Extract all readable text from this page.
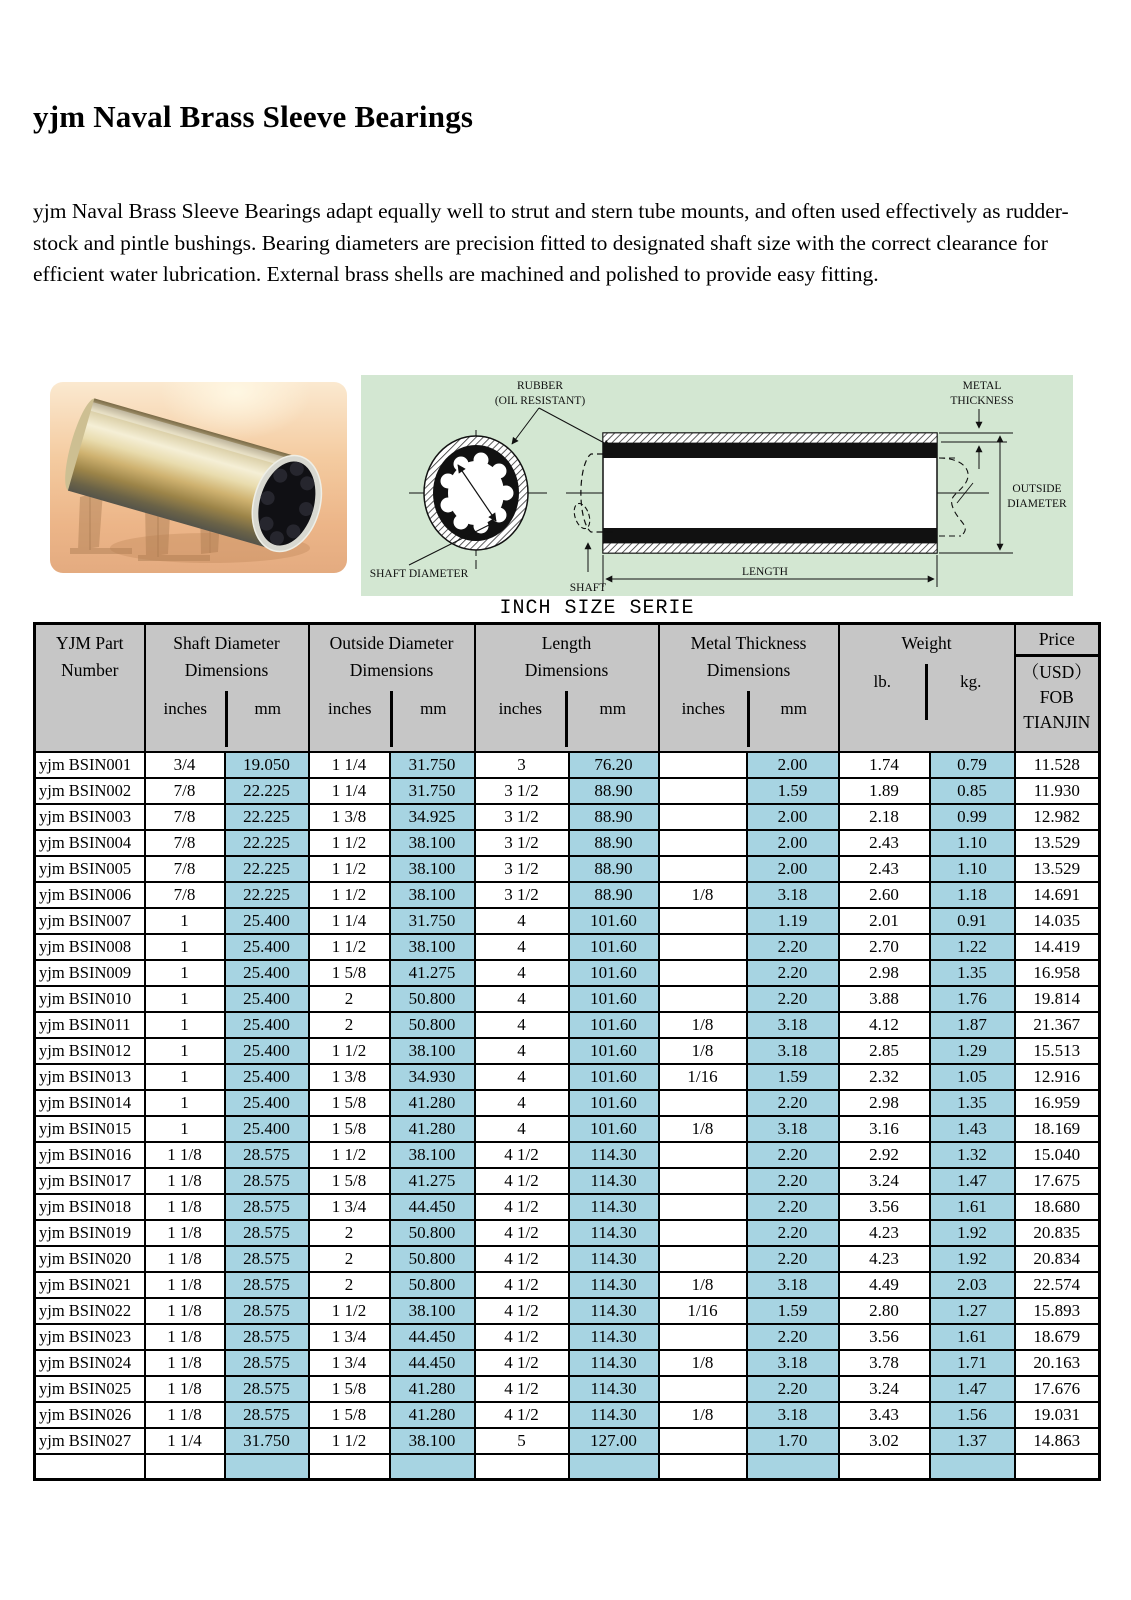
yjm Naval Brass Sleeve Bearings

yjm Naval Brass Sleeve Bearings adapt equally well to strut and stern tube mounts, and often used effectively as rudder-stock and pintle bushings. Bearing diameters are precision fitted to designated shaft size with the correct clearance for efficient water lubrication. External brass shells are machined and polished to provide easy fitting.

RUBBER
(OIL RESISTANT)
METAL
THICKNESS
OUTSIDE
DIAMETER
SHAFT DIAMETER
SHAFT
LENGTH
INCH SIZE SERIE
YJM Part
Number

Shaft Diameter
Dimensions
inches	mm

Outside Diameter
Dimensions
inches	mm

Length
Dimensions
inches	mm

Metal Thickness
Dimensions
inches	mm

Weight
lb.	kg.

Price
（USD）
FOB
TIANJIN

yjm BSIN001	3/4	19.050	1 1/4	31.750	3	76.20		2.00	1.74	0.79	11.528
yjm BSIN002	7/8	22.225	1 1/4	31.750	3 1/2	88.90		1.59	1.89	0.85	11.930
yjm BSIN003	7/8	22.225	1 3/8	34.925	3 1/2	88.90		2.00	2.18	0.99	12.982
yjm BSIN004	7/8	22.225	1 1/2	38.100	3 1/2	88.90		2.00	2.43	1.10	13.529
yjm BSIN005	7/8	22.225	1 1/2	38.100	3 1/2	88.90		2.00	2.43	1.10	13.529
yjm BSIN006	7/8	22.225	1 1/2	38.100	3 1/2	88.90	1/8	3.18	2.60	1.18	14.691
yjm BSIN007	1	25.400	1 1/4	31.750	4	101.60		1.19	2.01	0.91	14.035
yjm BSIN008	1	25.400	1 1/2	38.100	4	101.60		2.20	2.70	1.22	14.419
yjm BSIN009	1	25.400	1 5/8	41.275	4	101.60		2.20	2.98	1.35	16.958
yjm BSIN010	1	25.400	2	50.800	4	101.60		2.20	3.88	1.76	19.814
yjm BSIN011	1	25.400	2	50.800	4	101.60	1/8	3.18	4.12	1.87	21.367
yjm BSIN012	1	25.400	1 1/2	38.100	4	101.60	1/8	3.18	2.85	1.29	15.513
yjm BSIN013	1	25.400	1 3/8	34.930	4	101.60	1/16	1.59	2.32	1.05	12.916
yjm BSIN014	1	25.400	1 5/8	41.280	4	101.60		2.20	2.98	1.35	16.959
yjm BSIN015	1	25.400	1 5/8	41.280	4	101.60	1/8	3.18	3.16	1.43	18.169
yjm BSIN016	1 1/8	28.575	1 1/2	38.100	4 1/2	114.30		2.20	2.92	1.32	15.040
yjm BSIN017	1 1/8	28.575	1 5/8	41.275	4 1/2	114.30		2.20	3.24	1.47	17.675
yjm BSIN018	1 1/8	28.575	1 3/4	44.450	4 1/2	114.30		2.20	3.56	1.61	18.680
yjm BSIN019	1 1/8	28.575	2	50.800	4 1/2	114.30		2.20	4.23	1.92	20.835
yjm BSIN020	1 1/8	28.575	2	50.800	4 1/2	114.30		2.20	4.23	1.92	20.834
yjm BSIN021	1 1/8	28.575	2	50.800	4 1/2	114.30	1/8	3.18	4.49	2.03	22.574
yjm BSIN022	1 1/8	28.575	1 1/2	38.100	4 1/2	114.30	1/16	1.59	2.80	1.27	15.893
yjm BSIN023	1 1/8	28.575	1 3/4	44.450	4 1/2	114.30		2.20	3.56	1.61	18.679
yjm BSIN024	1 1/8	28.575	1 3/4	44.450	4 1/2	114.30	1/8	3.18	3.78	1.71	20.163
yjm BSIN025	1 1/8	28.575	1 5/8	41.280	4 1/2	114.30		2.20	3.24	1.47	17.676
yjm BSIN026	1 1/8	28.575	1 5/8	41.280	4 1/2	114.30	1/8	3.18	3.43	1.56	19.031
yjm BSIN027	1 1/4	31.750	1 1/2	38.100	5	127.00		1.70	3.02	1.37	14.863
